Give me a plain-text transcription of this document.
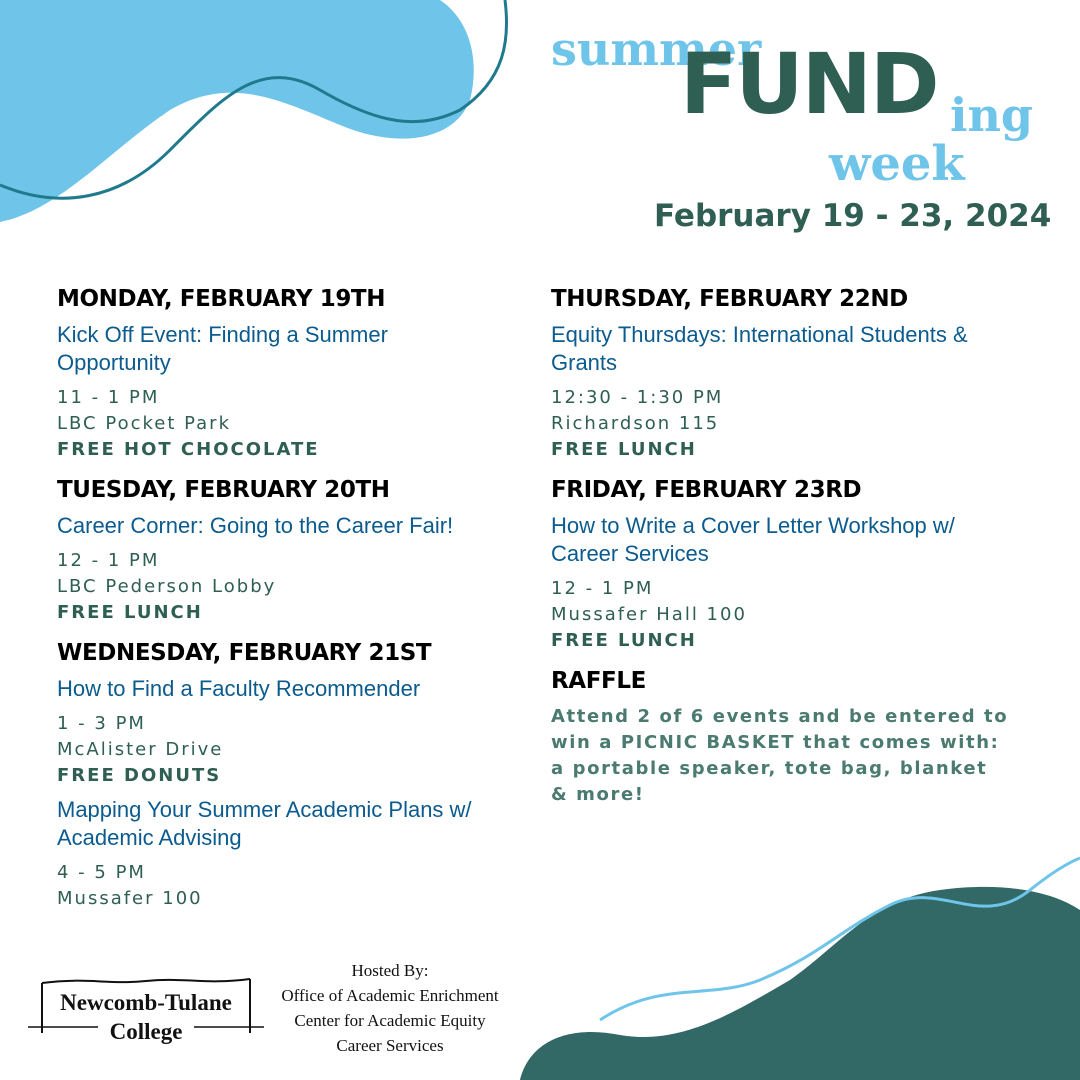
summer
FUND ing
week
February 19 - 23, 2024

MONDAY, FEBRUARY 19TH

Kick Off Event: Finding a Summer Opportunity

11 - 1 PM

LBC Pocket Park

FREE HOT CHOCOLATE

TUESDAY, FEBRUARY 20TH

Career Corner: Going to the Career Fair!

12 - 1 PM

LBC Pederson Lobby

FREE LUNCH

WEDNESDAY, FEBRUARY 21ST

How to Find a Faculty Recommender

1 - 3 PM

McAlister Drive

FREE DONUTS

Mapping Your Summer Academic Plans w/ Academic Advising

4 - 5 PM

Mussafer 100

THURSDAY, FEBRUARY 22ND

Equity Thursdays: International Students & Grants

12:30 - 1:30 PM

Richardson 115

FREE LUNCH

FRIDAY, FEBRUARY 23RD

How to Write a Cover Letter Workshop w/ Career Services

12 - 1 PM

Mussafer Hall 100

FREE LUNCH

RAFFLE

Attend 2 of 6 events and be entered to win a PICNIC BASKET that comes with:
a portable speaker, tote bag, blanket & more!
Newcomb-Tulane
College
Hosted By:
Office of Academic Enrichment
Center for Academic Equity
Career Services
